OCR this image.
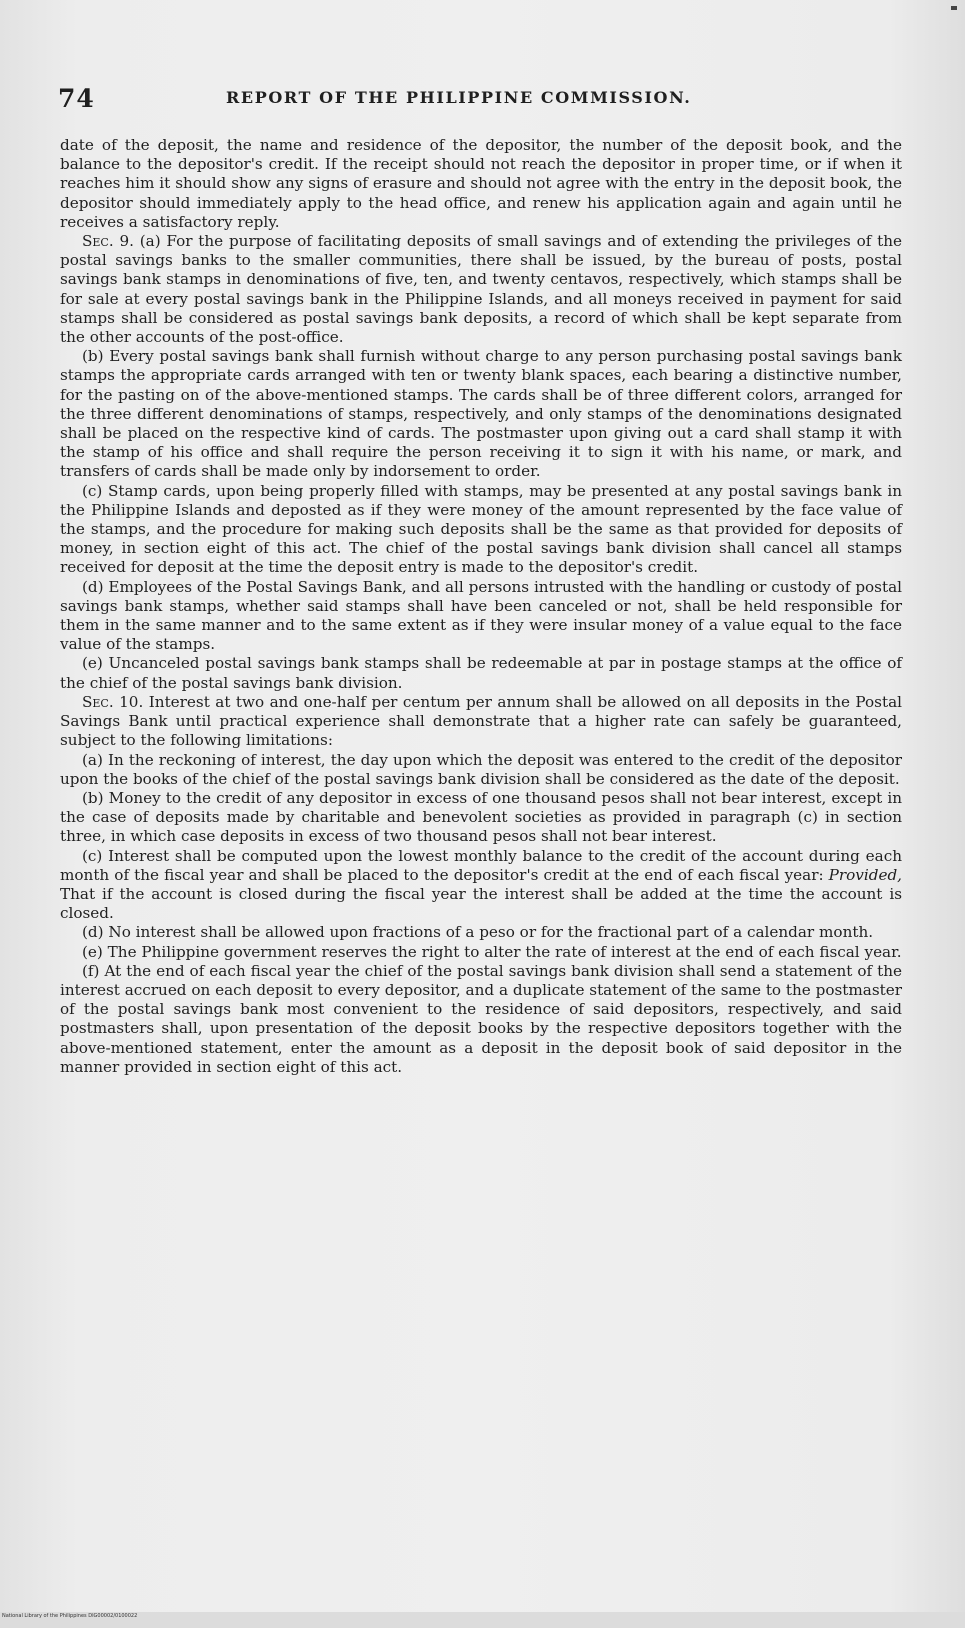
74	REPORT OF THE PHILIPPINE COMMISSION.

date of the deposit, the name and residence of the depositor, the number of the deposit book, and the balance to the depositor's credit. If the receipt should not reach the depositor in proper time, or if when it reaches him it should show any signs of erasure and should not agree with the entry in the deposit book, the depositor should immediately apply to the head office, and renew his application again and again until he receives a satisfactory reply.

Sec. 9. (a) For the purpose of facilitating deposits of small savings and of extending the privileges of the postal savings banks to the smaller communities, there shall be issued, by the bureau of posts, postal savings bank stamps in denominations of five, ten, and twenty centavos, respectively, which stamps shall be for sale at every postal savings bank in the Philippine Islands, and all moneys received in payment for said stamps shall be considered as postal savings bank deposits, a record of which shall be kept separate from the other accounts of the post-office.

(b) Every postal savings bank shall furnish without charge to any person purchasing postal savings bank stamps the appropriate cards arranged with ten or twenty blank spaces, each bearing a distinctive number, for the pasting on of the above-mentioned stamps. The cards shall be of three different colors, arranged for the three different denominations of stamps, respectively, and only stamps of the denominations designated shall be placed on the respective kind of cards. The postmaster upon giving out a card shall stamp it with the stamp of his office and shall require the person receiving it to sign it with his name, or mark, and transfers of cards shall be made only by indorsement to order.

(c) Stamp cards, upon being properly filled with stamps, may be presented at any postal savings bank in the Philippine Islands and deposted as if they were money of the amount represented by the face value of the stamps, and the procedure for making such deposits shall be the same as that provided for deposits of money, in section eight of this act. The chief of the postal savings bank division shall cancel all stamps received for deposit at the time the deposit entry is made to the depositor's credit.

(d) Employees of the Postal Savings Bank, and all persons intrusted with the handling or custody of postal savings bank stamps, whether said stamps shall have been canceled or not, shall be held responsible for them in the same manner and to the same extent as if they were insular money of a value equal to the face value of the stamps.

(e) Uncanceled postal savings bank stamps shall be redeemable at par in postage stamps at the office of the chief of the postal savings bank division.

Sec. 10. Interest at two and one-half per centum per annum shall be allowed on all deposits in the Postal Savings Bank until practical experience shall demonstrate that a higher rate can safely be guaranteed, subject to the following limitations:

(a) In the reckoning of interest, the day upon which the deposit was entered to the credit of the depositor upon the books of the chief of the postal savings bank division shall be considered as the date of the deposit.

(b) Money to the credit of any depositor in excess of one thousand pesos shall not bear interest, except in the case of deposits made by charitable and benevolent societies as provided in paragraph (c) in section three, in which case deposits in excess of two thousand pesos shall not bear interest.

(c) Interest shall be computed upon the lowest monthly balance to the credit of the account during each month of the fiscal year and shall be placed to the depositor's credit at the end of each fiscal year: Provided, That if the account is closed during the fiscal year the interest shall be added at the time the account is closed.

(d) No interest shall be allowed upon fractions of a peso or for the fractional part of a calendar month.

(e) The Philippine government reserves the right to alter the rate of interest at the end of each fiscal year.

(f) At the end of each fiscal year the chief of the postal savings bank division shall send a statement of the interest accrued on each deposit to every depositor, and a duplicate statement of the same to the postmaster of the postal savings bank most convenient to the residence of said depositors, respectively, and said postmasters shall, upon presentation of the deposit books by the respective depositors together with the above-mentioned statement, enter the amount as a deposit in the deposit book of said depositor in the manner provided in section eight of this act.

National Library of the Philippines DIG00002/0100022
